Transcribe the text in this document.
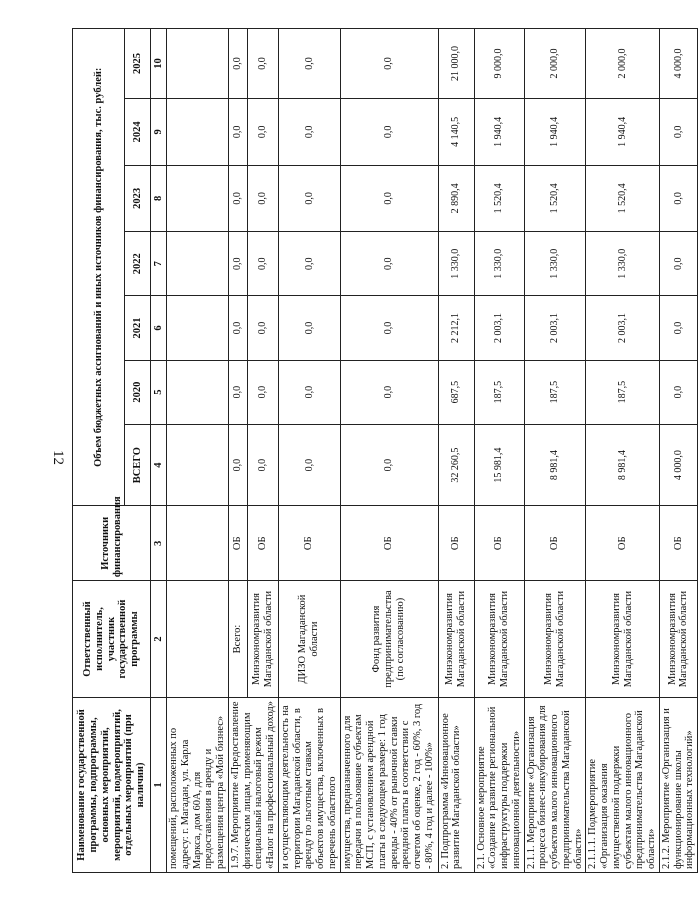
12
Наименование государственной программы, подпрограммы, основных мероприятий, мероприятий, подмероприятий, отдельных мероприятий (при наличии)	Ответственный исполнитель, участник государственной программы	Источники финансирования	Объем бюджетных ассигнований и иных источников финансирования, тыс. рублей:						
			ВСЕГО	2020	2021	2022	2023	2024	2025
1	2	3	4	5	6	7	8	9	10
помещений, расположенных по адресу: г. Магадан, ул. Карла Маркса, дом 60А, для предоставления в аренду и размещения центра «Мой бизнес»									
1.9.7. Мероприятие «Предоставление физическим лицам, применяющим специальный налоговый режим «Налог на профессиональный доход»	Всего:	ОБ	0,0	0,0	0,0	0,0	0,0	0,0	0,0
	Минэкономразвития Магаданской области	ОБ	0,0	0,0	0,0	0,0	0,0	0,0	0,0
и осуществляющим деятельность на территории Магаданской области, в аренду по льготным ставкам объектов имущества, включенных в перечень областного	ДИЗО Магаданской области	ОБ	0,0	0,0	0,0	0,0	0,0	0,0	0,0
имущества, предназначенного для передачи в пользование субъектам МСП, с установлением арендной платы в следующем размере: 1 год аренды - 40% от рыночной ставки арендной платы в соответствии с отчетом об оценке, 2 год - 60%, 3 год - 80%, 4 год и далее - 100%»	Фонд развития предпринимательства (по согласованию)	ОБ	0,0	0,0	0,0	0,0	0,0	0,0	0,0
2. Подпрограмма «Инновационное развитие Магаданской области»	Минэкономразвития Магаданской области	ОБ	32 260,5	687,5	2 212,1	1 330,0	2 890,4	4 140,5	21 000,0
2.1. Основное мероприятие «Создание и развитие региональной инфраструктуры поддержки инновационной деятельности»	Минэкономразвития Магаданской области	ОБ	15 981,4	187,5	2 003,1	1 330,0	1 520,4	1 940,4	9 000,0
2.1.1. Мероприятие «Организация процесса бизнес-инкубирования для субъектов малого инновационного предпринимательства Магаданской области»	Минэкономразвития Магаданской области	ОБ	8 981,4	187,5	2 003,1	1 330,0	1 520,4	1 940,4	2 000,0
2.1.1.1. Подмероприятие «Организация оказания имущественной поддержки субъектам малого инновационного предпринимательства Магаданской области»	Минэкономразвития Магаданской области	ОБ	8 981,4	187,5	2 003,1	1 330,0	1 520,4	1 940,4	2 000,0
2.1.2. Мероприятие «Организация и функционирование школы информационных технологий»	Минэкономразвития Магаданской области	ОБ	4 000,0	0,0	0,0	0,0	0,0	0,0	4 000,0
